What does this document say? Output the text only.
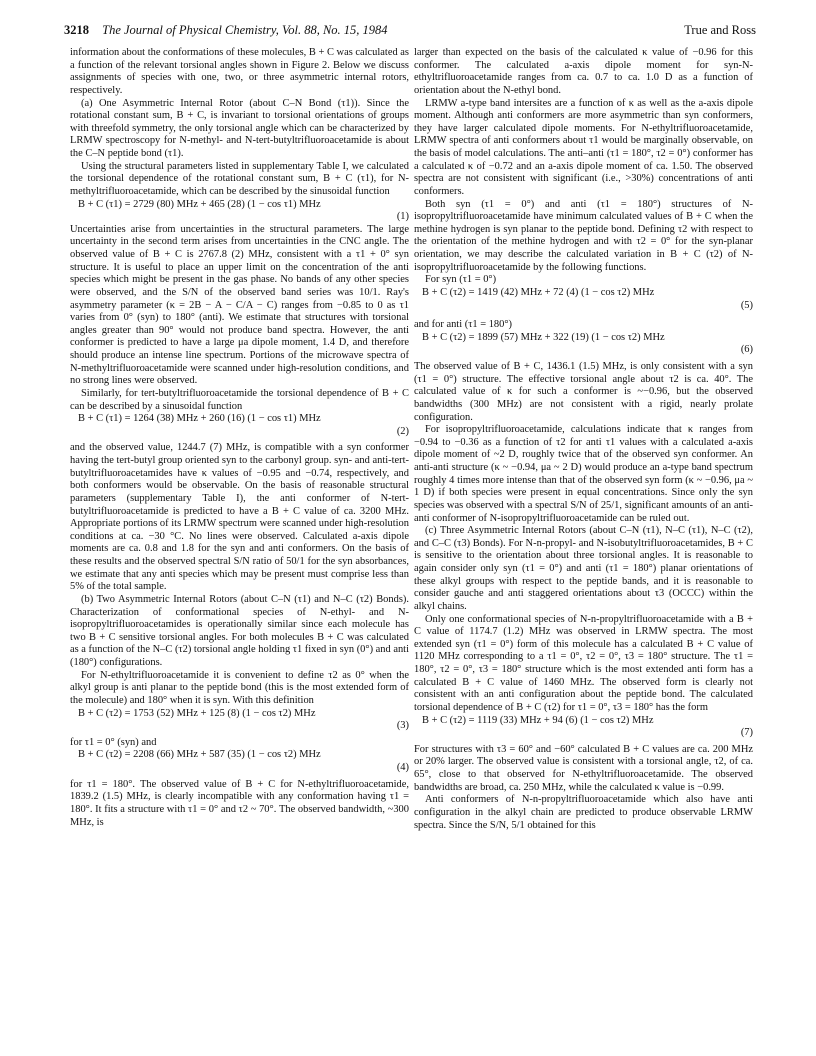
3218 The Journal of Physical Chemistry, Vol. 88, No. 15, 1984	True and Ross

information about the conformations of these molecules, B + C was calculated as a function of the relevant torsional angles shown in Figure 2. Below we discuss assignments of species with one, two, or three asymmetric internal rotors, respectively.

(a) One Asymmetric Internal Rotor (about C–N Bond (τ1)). Since the rotational constant sum, B + C, is invariant to torsional orientations of groups with threefold symmetry, the only torsional angle which can be characterized by LRMW spectroscopy for N-methyl- and N-tert-butyltrifluoroacetamide is about the C–N peptide bond (τ1).

Using the structural parameters listed in supplementary Table I, we calculated the torsional dependence of the rotational constant sum, B + C (τ1), for N-methyltrifluoroacetamide, which can be described by the sinusoidal function

B + C (τ1) = 2729 (80) MHz + 465 (28) (1 − cos τ1) MHz
(1)

Uncertainties arise from uncertainties in the structural parameters. The large uncertainty in the second term arises from uncertainties in the CNC angle. The observed value of B + C is 2767.8 (2) MHz, consistent with a τ1 + 0° syn structure. It is useful to place an upper limit on the concentration of the anti species which might be present in the gas phase. No bands of any other species were observed, and the S/N of the observed band series was 10/1. Ray's asymmetry parameter (κ = 2B − A − C/A − C) ranges from −0.85 to 0 as τ1 varies from 0° (syn) to 180° (anti). We estimate that structures with torsional angles greater than 90° would not produce band spectra. However, the anti conformer is predicted to have a large μa dipole moment, 1.4 D, and therefore should produce an intense line spectrum. Portions of the microwave spectra of N-methyltrifluoroacetamide were scanned under high-resolution conditions, and no strong lines were observed.

Similarly, for tert-butyltrifluoroacetamide the torsional dependence of B + C can be described by a sinusoidal function

B + C (τ1) = 1264 (38) MHz + 260 (16) (1 − cos τ1) MHz
(2)

and the observed value, 1244.7 (7) MHz, is compatible with a syn conformer having the tert-butyl group oriented syn to the carbonyl group. syn- and anti-tert-butyltrifluoroacetamides have κ values of −0.95 and −0.74, respectively, and both conformers would be observable. On the basis of reasonable structural parameters (supplementary Table I), the anti conformer of N-tert-butyltrifluoroacetamide is predicted to have a B + C value of ca. 3200 MHz. Appropriate portions of its LRMW spectrum were scanned under high-resolution conditions at ca. −30 °C. No lines were observed. Calculated a-axis dipole moments are ca. 0.8 and 1.8 for the syn and anti conformers. On the basis of these results and the observed spectral S/N ratio of 50/1 for the syn absorbances, we estimate that any anti species which may be present must comprise less than 5% of the total sample.

(b) Two Asymmetric Internal Rotors (about C–N (τ1) and N–C (τ2) Bonds). Characterization of conformational species of N-ethyl- and N-isopropyltrifluoroacetamides is operationally similar since each molecule has two B + C sensitive torsional angles. For both molecules B + C was calculated as a function of the N–C (τ2) torsional angle holding τ1 fixed in syn (0°) and anti (180°) configurations.

For N-ethyltrifluoroacetamide it is convenient to define τ2 as 0° when the alkyl group is anti planar to the peptide bond (this is the most extended form of the molecule) and 180° when it is syn. With this definition

B + C (τ2) = 1753 (52) MHz + 125 (8) (1 − cos τ2) MHz
(3)

for τ1 = 0° (syn) and

B + C (τ2) = 2208 (66) MHz + 587 (35) (1 − cos τ2) MHz
(4)

for τ1 = 180°. The observed value of B + C for N-ethyltrifluoroacetamide, 1839.2 (1.5) MHz, is clearly incompatible with any conformation having τ1 = 180°. It fits a structure with τ1 = 0° and τ2 ~ 70°. The observed bandwidth, ~300 MHz, is

larger than expected on the basis of the calculated κ value of −0.96 for this conformer. The calculated a-axis dipole moment for syn-N-ethyltrifluoroacetamide ranges from ca. 0.7 to ca. 1.0 D as a function of orientation about the N-ethyl bond.

LRMW a-type band intersites are a function of κ as well as the a-axis dipole moment. Although anti conformers are more asymmetric than syn conformers, they have larger calculated dipole moments. For N-ethyltrifluoroacetamide, LRMW spectra of anti conformers about τ1 would be marginally observable, on the basis of model calculations. The anti–anti (τ1 = 180°, τ2 = 0°) conformer has a calculated κ of −0.72 and an a-axis dipole moment of ca. 1.50. The observed spectra are not consistent with significant (i.e., >30%) concentrations of anti conformers.

Both syn (τ1 = 0°) and anti (τ1 = 180°) structures of N-isopropyltrifluoroacetamide have minimum calculated values of B + C when the methine hydrogen is syn planar to the peptide bond. Defining τ2 with respect to the orientation of the methine hydrogen and with τ2 = 0° for the syn-planar orientation, we may describe the calculated variation in B + C (τ2) of N-isopropyltrifluoroacetamide by the following functions.

For syn (τ1 = 0°)

B + C (τ2) = 1419 (42) MHz + 72 (4) (1 − cos τ2) MHz
(5)

and for anti (τ1 = 180°)

B + C (τ2) = 1899 (57) MHz + 322 (19) (1 − cos τ2) MHz
(6)

The observed value of B + C, 1436.1 (1.5) MHz, is only consistent with a syn (τ1 = 0°) structure. The effective torsional angle about τ2 is ca. 40°. The calculated value of κ for such a conformer is ~−0.96, but the observed bandwidths (300 MHz) are not consistent with a rigid, nearly prolate configuration.

For isopropyltrifluoroacetamide, calculations indicate that κ ranges from −0.94 to −0.36 as a function of τ2 for anti τ1 values with a calculated a-axis dipole moment of ~2 D, roughly twice that of the observed syn conformer. An anti-anti structure (κ ~ −0.94, μa ~ 2 D) would produce an a-type band spectrum roughly 4 times more intense than that of the observed syn form (κ ~ −0.96, μa ~ 1 D) if both species were present in equal concentrations. Since only the syn species was observed with a spectral S/N of 25/1, significant amounts of an anti-anti conformer of N-isopropyltrifluoroacetamide can be ruled out.

(c) Three Asymmetric Internal Rotors (about C–N (τ1), N–C (τ1), N–C (τ2), and C–C (τ3) Bonds). For N-n-propyl- and N-isobutyltrifluoroacetamides, B + C is sensitive to the orientation about three torsional angles. It is reasonable to again consider only syn (τ1 = 0°) and anti (τ1 = 180°) planar orientations of these alkyl groups with respect to the peptide bands, and it is reasonable to consider gauche and anti staggered orientations about τ3 (OCCC) within the alkyl chains.

Only one conformational species of N-n-propyltrifluoroacetamide with a B + C value of 1174.7 (1.2) MHz was observed in LRMW spectra. The most extended syn (τ1 = 0°) form of this molecule has a calculated B + C value of 1120 MHz corresponding to a τ1 = 0°, τ2 = 0°, τ3 = 180° structure. The τ1 = 180°, τ2 = 0°, τ3 = 180° structure which is the most extended anti form has a calculated B + C value of 1460 MHz. The observed form is clearly not consistent with an anti configuration about the peptide bond. The calculated torsional dependence of B + C (τ2) for τ1 = 0°, τ3 = 180° has the form

B + C (τ2) = 1119 (33) MHz + 94 (6) (1 − cos τ2) MHz
(7)

For structures with τ3 = 60° and −60° calculated B + C values are ca. 200 MHz or 20% larger. The observed value is consistent with a torsional angle, τ2, of ca. 65°, close to that observed for N-ethyltrifluoroacetamide. The observed bandwidths are broad, ca. 250 MHz, while the calculated κ value is −0.99.

Anti conformers of N-n-propyltrifluoroacetamide which also have anti configuration in the alkyl chain are predicted to produce observable LRMW spectra. Since the S/N, 5/1 obtained for this
